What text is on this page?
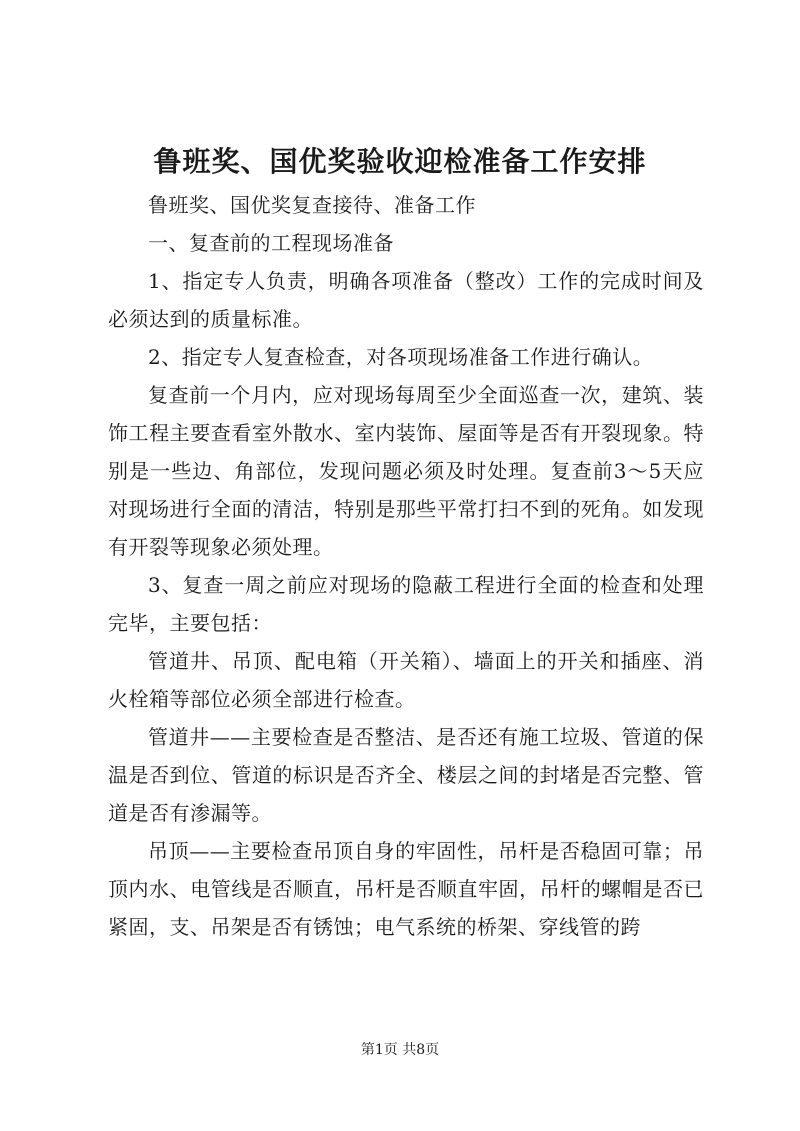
鲁班奖、国优奖验收迎检准备工作安排

鲁班奖、国优奖复查接待、准备工作

一、复查前的工程现场准备

1、指定专人负责，明确各项准备（整改）工作的完成时间及必须达到的质量标准。

2、指定专人复查检查，对各项现场准备工作进行确认。

复查前一个月内，应对现场每周至少全面巡查一次，建筑、装饰工程主要查看室外散水、室内装饰、屋面等是否有开裂现象。特别是一些边、角部位，发现问题必须及时处理。复查前3～5天应对现场进行全面的清洁，特别是那些平常打扫不到的死角。如发现有开裂等现象必须处理。

3、复查一周之前应对现场的隐蔽工程进行全面的检查和处理完毕，主要包括：

管道井、吊顶、配电箱（开关箱）、墙面上的开关和插座、消火栓箱等部位必须全部进行检查。

管道井——主要检查是否整洁、是否还有施工垃圾、管道的保温是否到位、管道的标识是否齐全、楼层之间的封堵是否完整、管道是否有渗漏等。

吊顶——主要检查吊顶自身的牢固性，吊杆是否稳固可靠；吊顶内水、电管线是否顺直，吊杆是否顺直牢固，吊杆的螺帽是否已紧固，支、吊架是否有锈蚀；电气系统的桥架、穿线管的跨

第1页 共8页
